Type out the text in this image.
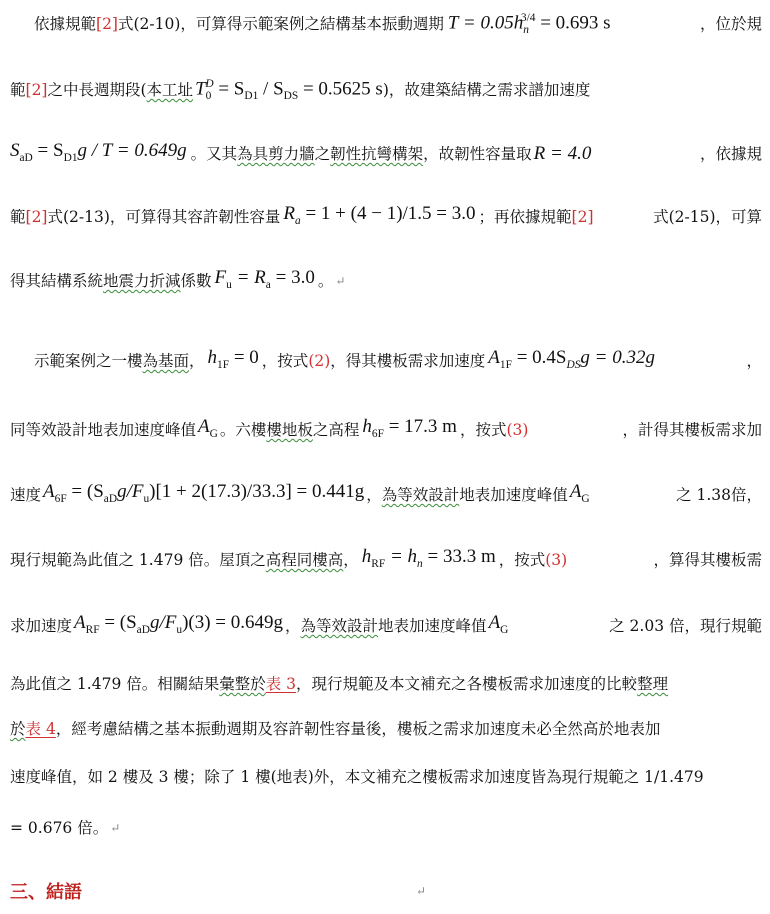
依據規範[2]式(2-10)，可算得示範案例之結構基本振動週期 $T = 0.05h_n^{3/4} = 0.693$ s	，位於規
範 [2] 之中長週期段( 本工址 $T_0^D = S_{D1} / S_{DS} = 0.5625$ s )，故建築結構之需求譜加速度
$S_{aD} = S_{D1}g / T = 0.649g$ 。又其 為具剪力牆 之 韌性抗彎構架 ，故韌性容量取 R = 4.0	，依據規
範 [2] 式(2-13)，可算得其容許韌性容量 $R_a = 1 + (4 - 1)/1.5 = 3.0$ ；再依據規範 [2]	式(2-15)，可算
得其結構系統 地震力折減 係數 $F_u = R_a = 3.0$ 。 ↵
示範案例之一樓 為基面 ， $h_{1F} = 0$ ，按式 (2) ，得其樓板需求加速度 $A_{1F} = 0.4S_{DS}g = 0.32g$	，
同等效設計地表加速度峰值 $A_G$ 。六樓 樓地板 之高程 $h_{6F} = 17.3$ m ，按式 (3)	，計得其樓板需求加
速度 $A_{6F} = (S_{aD}g/F_u)[1 + 2(17.3)/33.3] = 0.441g$ ， 為等效設計 地表加速度峰值 $A_G$	之 1.38倍，
現行規範為此值之 1.479 倍。屋頂之 高程同樓高 ， $h_{RF} = h_n = 33.3$ m ，按式 (3)	，算得其樓板需
求加速度 $A_{RF} = (S_{aD}g/F_u)(3) = 0.649g$ ， 為等效設計 地表加速度峰值 $A_G$	之 2.03 倍，現行規範
為此值之 1.479 倍。相關結果 彙整於 表 3 ，現行規範及本文補充之各樓板需求加速度的比較 整理
於 表 4 ，經考慮結構之基本振動週期及容許韌性容量後，樓板之需求加速度未必全然高於地表加
速度峰值，如 2 樓及 3 樓；除了 1 樓(地表)外，本文補充之樓板需求加速度皆為現行規範之 1/1.479
= 0.676 倍。 ↵
三、結語	↵
